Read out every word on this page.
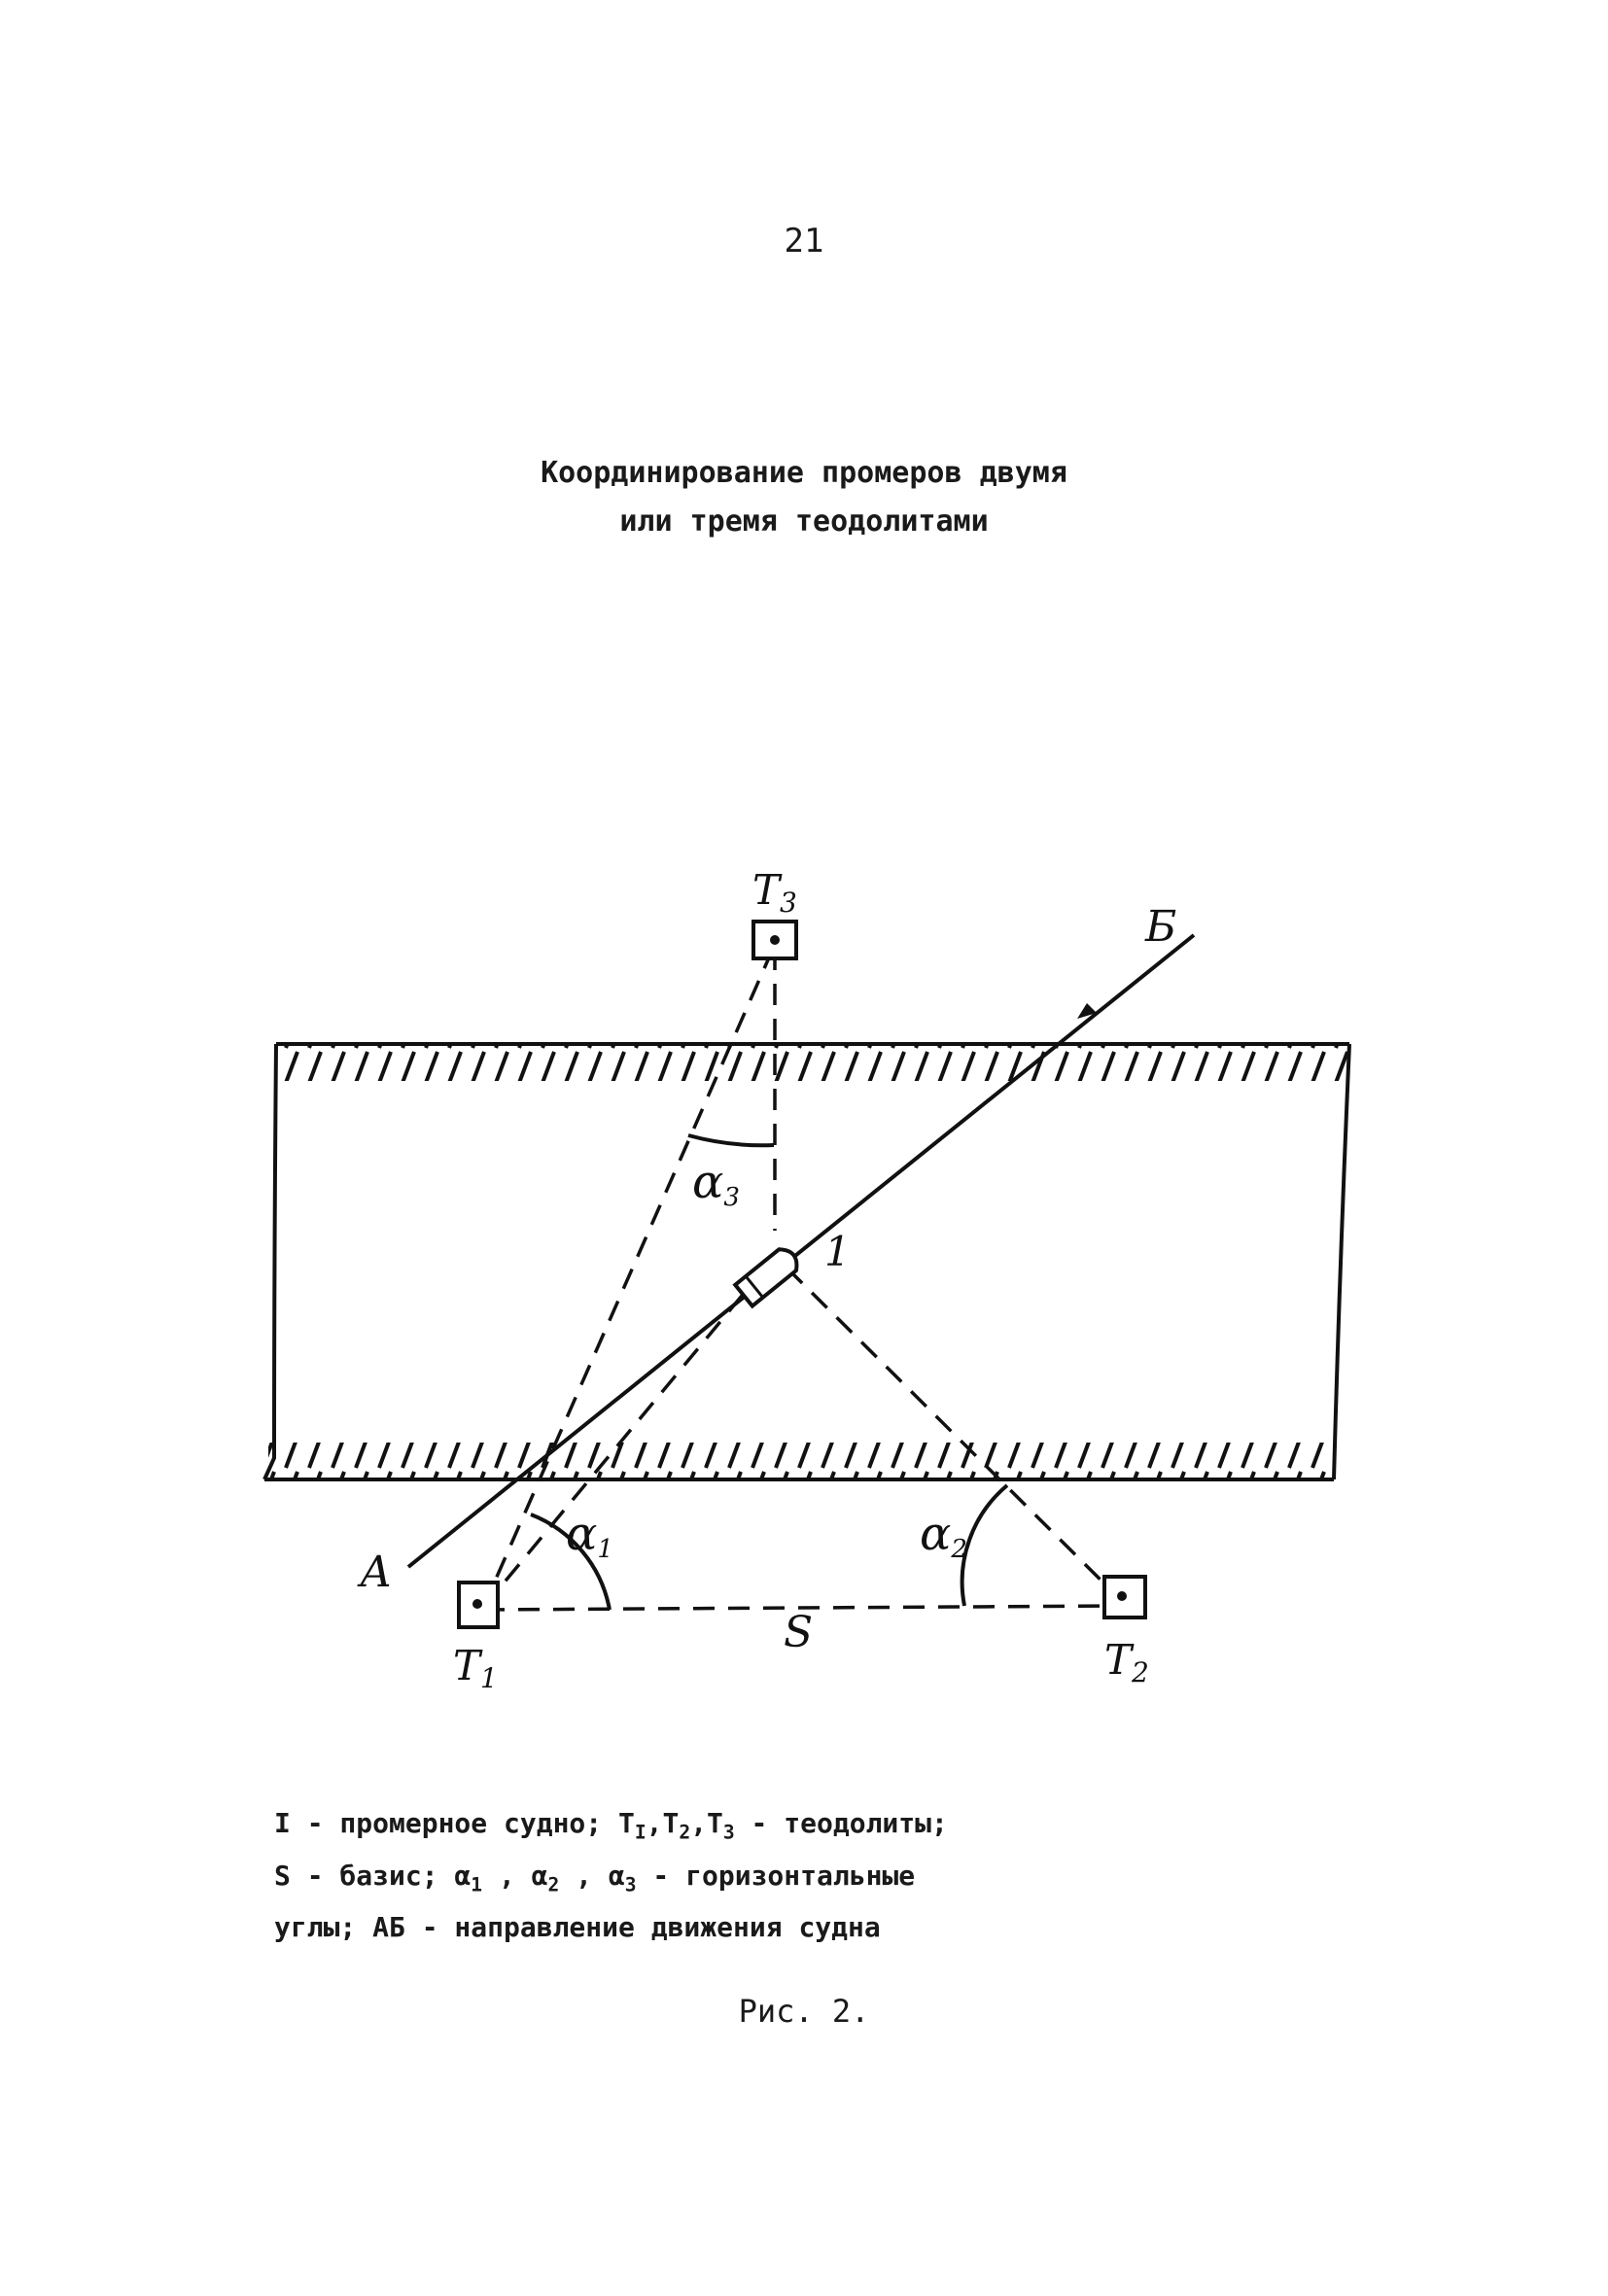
21
Координирование промеров двумя
или тремя теодолитами
T3	Б
1
α3
α1	α2
А
S
T1	T2
I - промерное судно; $T_I,T_2,T_3$ - теодолиты;
S - базис; $\alpha_1$ , $\alpha_2$ , $\alpha_3$ - горизонтальные
углы; АБ - направление движения судна
Рис. 2.
